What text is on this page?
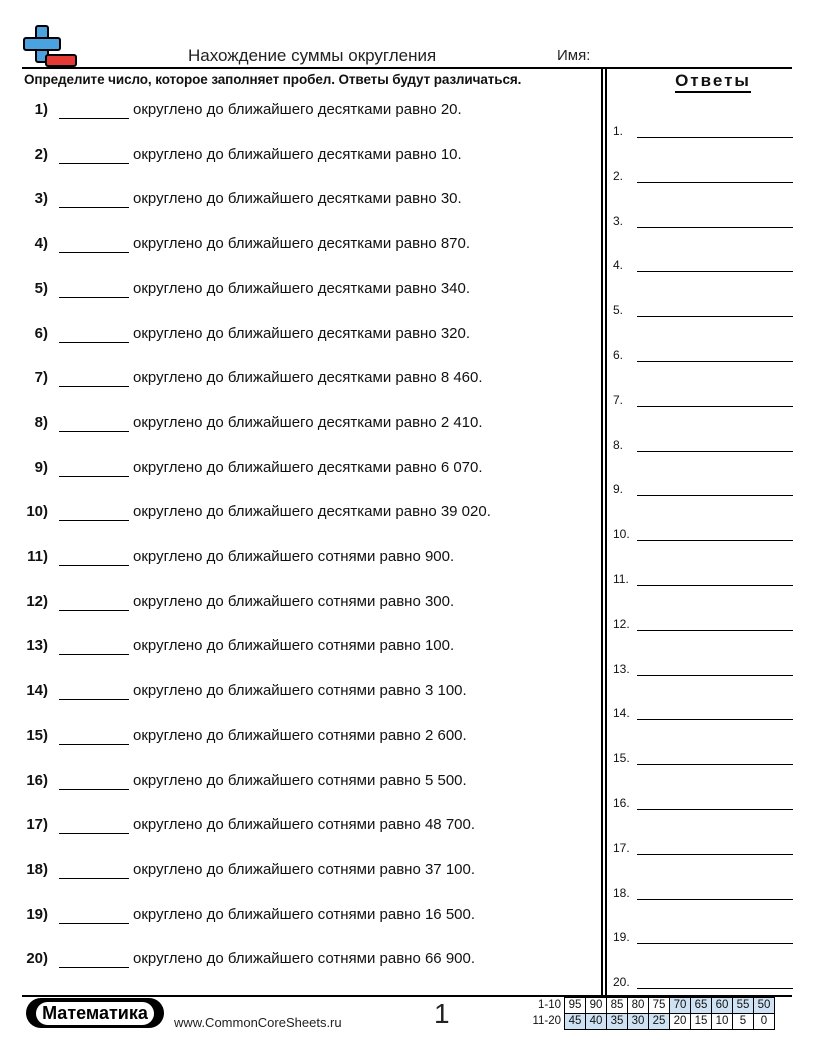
Нахождение суммы округления	Имя:
Определите число, которое заполняет пробел. Ответы будут различаться.
1)	округлено до ближайшего десятками равно 20.
2)	округлено до ближайшего десятками равно 10.
3)	округлено до ближайшего десятками равно 30.
4)	округлено до ближайшего десятками равно 870.
5)	округлено до ближайшего десятками равно 340.
6)	округлено до ближайшего десятками равно 320.
7)	округлено до ближайшего десятками равно 8 460.
8)	округлено до ближайшего десятками равно 2 410.
9)	округлено до ближайшего десятками равно 6 070.
10)	округлено до ближайшего десятками равно 39 020.
11)	округлено до ближайшего сотнями равно 900.
12)	округлено до ближайшего сотнями равно 300.
13)	округлено до ближайшего сотнями равно 100.
14)	округлено до ближайшего сотнями равно 3 100.
15)	округлено до ближайшего сотнями равно 2 600.
16)	округлено до ближайшего сотнями равно 5 500.
17)	округлено до ближайшего сотнями равно 48 700.
18)	округлено до ближайшего сотнями равно 37 100.
19)	округлено до ближайшего сотнями равно 16 500.
20)	округлено до ближайшего сотнями равно 66 900.
Ответы
1.
2.
3.
4.
5.
6.
7.
8.
9.
10.
11.
12.
13.
14.
15.
16.
17.
18.
19.
20.
Математика	www.CommonCoreSheets.ru	1	1-10	95	90	85	80	75	70	65	60	55	50
11-20	45	40	35	30	25	20	15	10	5	0
